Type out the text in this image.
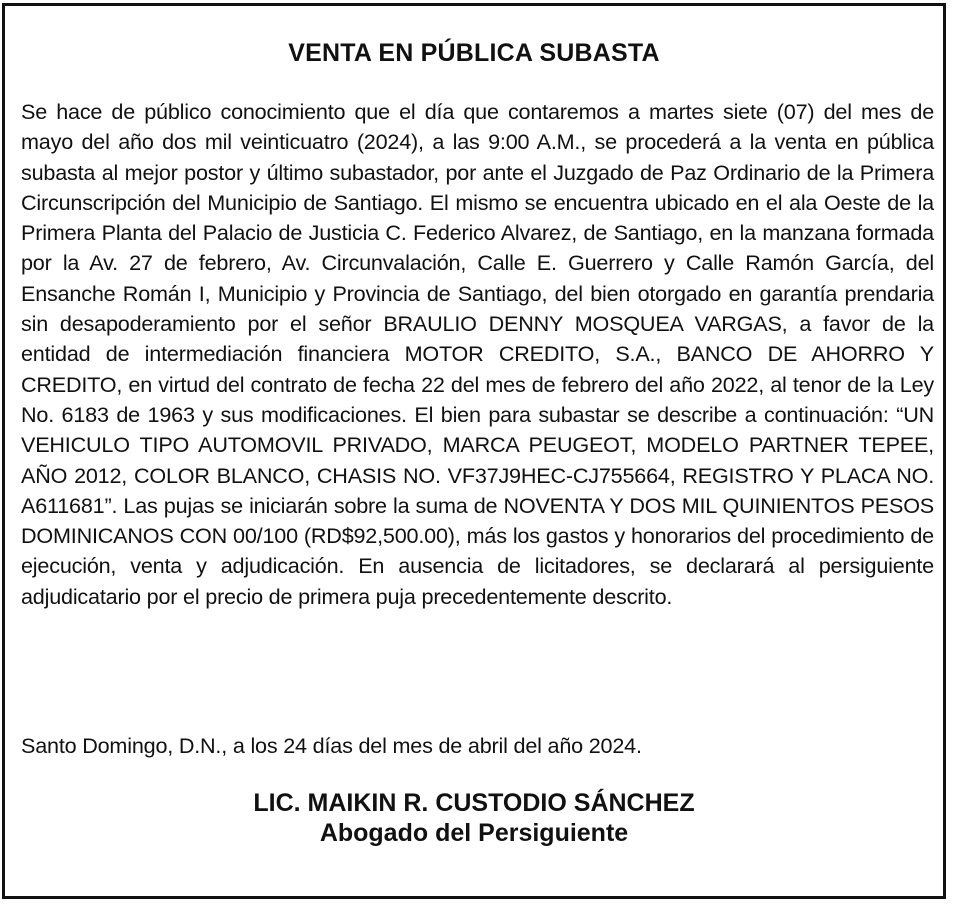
VENTA EN PÚBLICA SUBASTA

Se hace de público conocimiento que el día que contaremos a martes siete (07) del mes de mayo del año dos mil veinticuatro (2024), a las 9:00 A.M., se procederá a la venta en pública subasta al mejor postor y último subastador, por ante el Juzgado de Paz Ordinario de la Primera Circunscripción del Municipio de Santiago. El mismo se encuentra ubicado en el ala Oeste de la Primera Planta del Palacio de Justicia C. Federico Alvarez, de Santiago, en la manzana formada por la Av. 27 de febrero, Av. Circunvalación, Calle E. Guerrero y Calle Ramón García, del Ensanche Román I, Municipio y Provincia de Santiago, del bien otorgado en garantía prendaria sin desapoderamiento por el señor BRAULIO DENNY MOSQUEA VARGAS, a favor de la entidad de intermediación financiera MOTOR CREDITO, S.A., BANCO DE AHORRO Y CREDITO, en virtud del contrato de fecha 22 del mes de febrero del año 2022, al tenor de la Ley No. 6183 de 1963 y sus modificaciones. El bien para subastar se describe a continuación: “UN VEHICULO TIPO AUTOMOVIL PRIVADO, MARCA PEUGEOT, MODELO PARTNER TEPEE, AÑO 2012, COLOR BLANCO, CHASIS NO. VF37J9HEC-CJ755664, REGISTRO Y PLACA NO. A611681”. Las pujas se iniciarán sobre la suma de NOVENTA Y DOS MIL QUINIENTOS PESOS DOMINICANOS CON 00/100 (RD$92,500.00), más los gastos y honorarios del procedimiento de ejecución, venta y adjudicación. En ausencia de licitadores, se declarará al persiguiente adjudicatario por el precio de primera puja precedentemente descrito.

Santo Domingo, D.N., a los 24 días del mes de abril del año 2024.

LIC. MAIKIN R. CUSTODIO SÁNCHEZ
Abogado del Persiguiente
